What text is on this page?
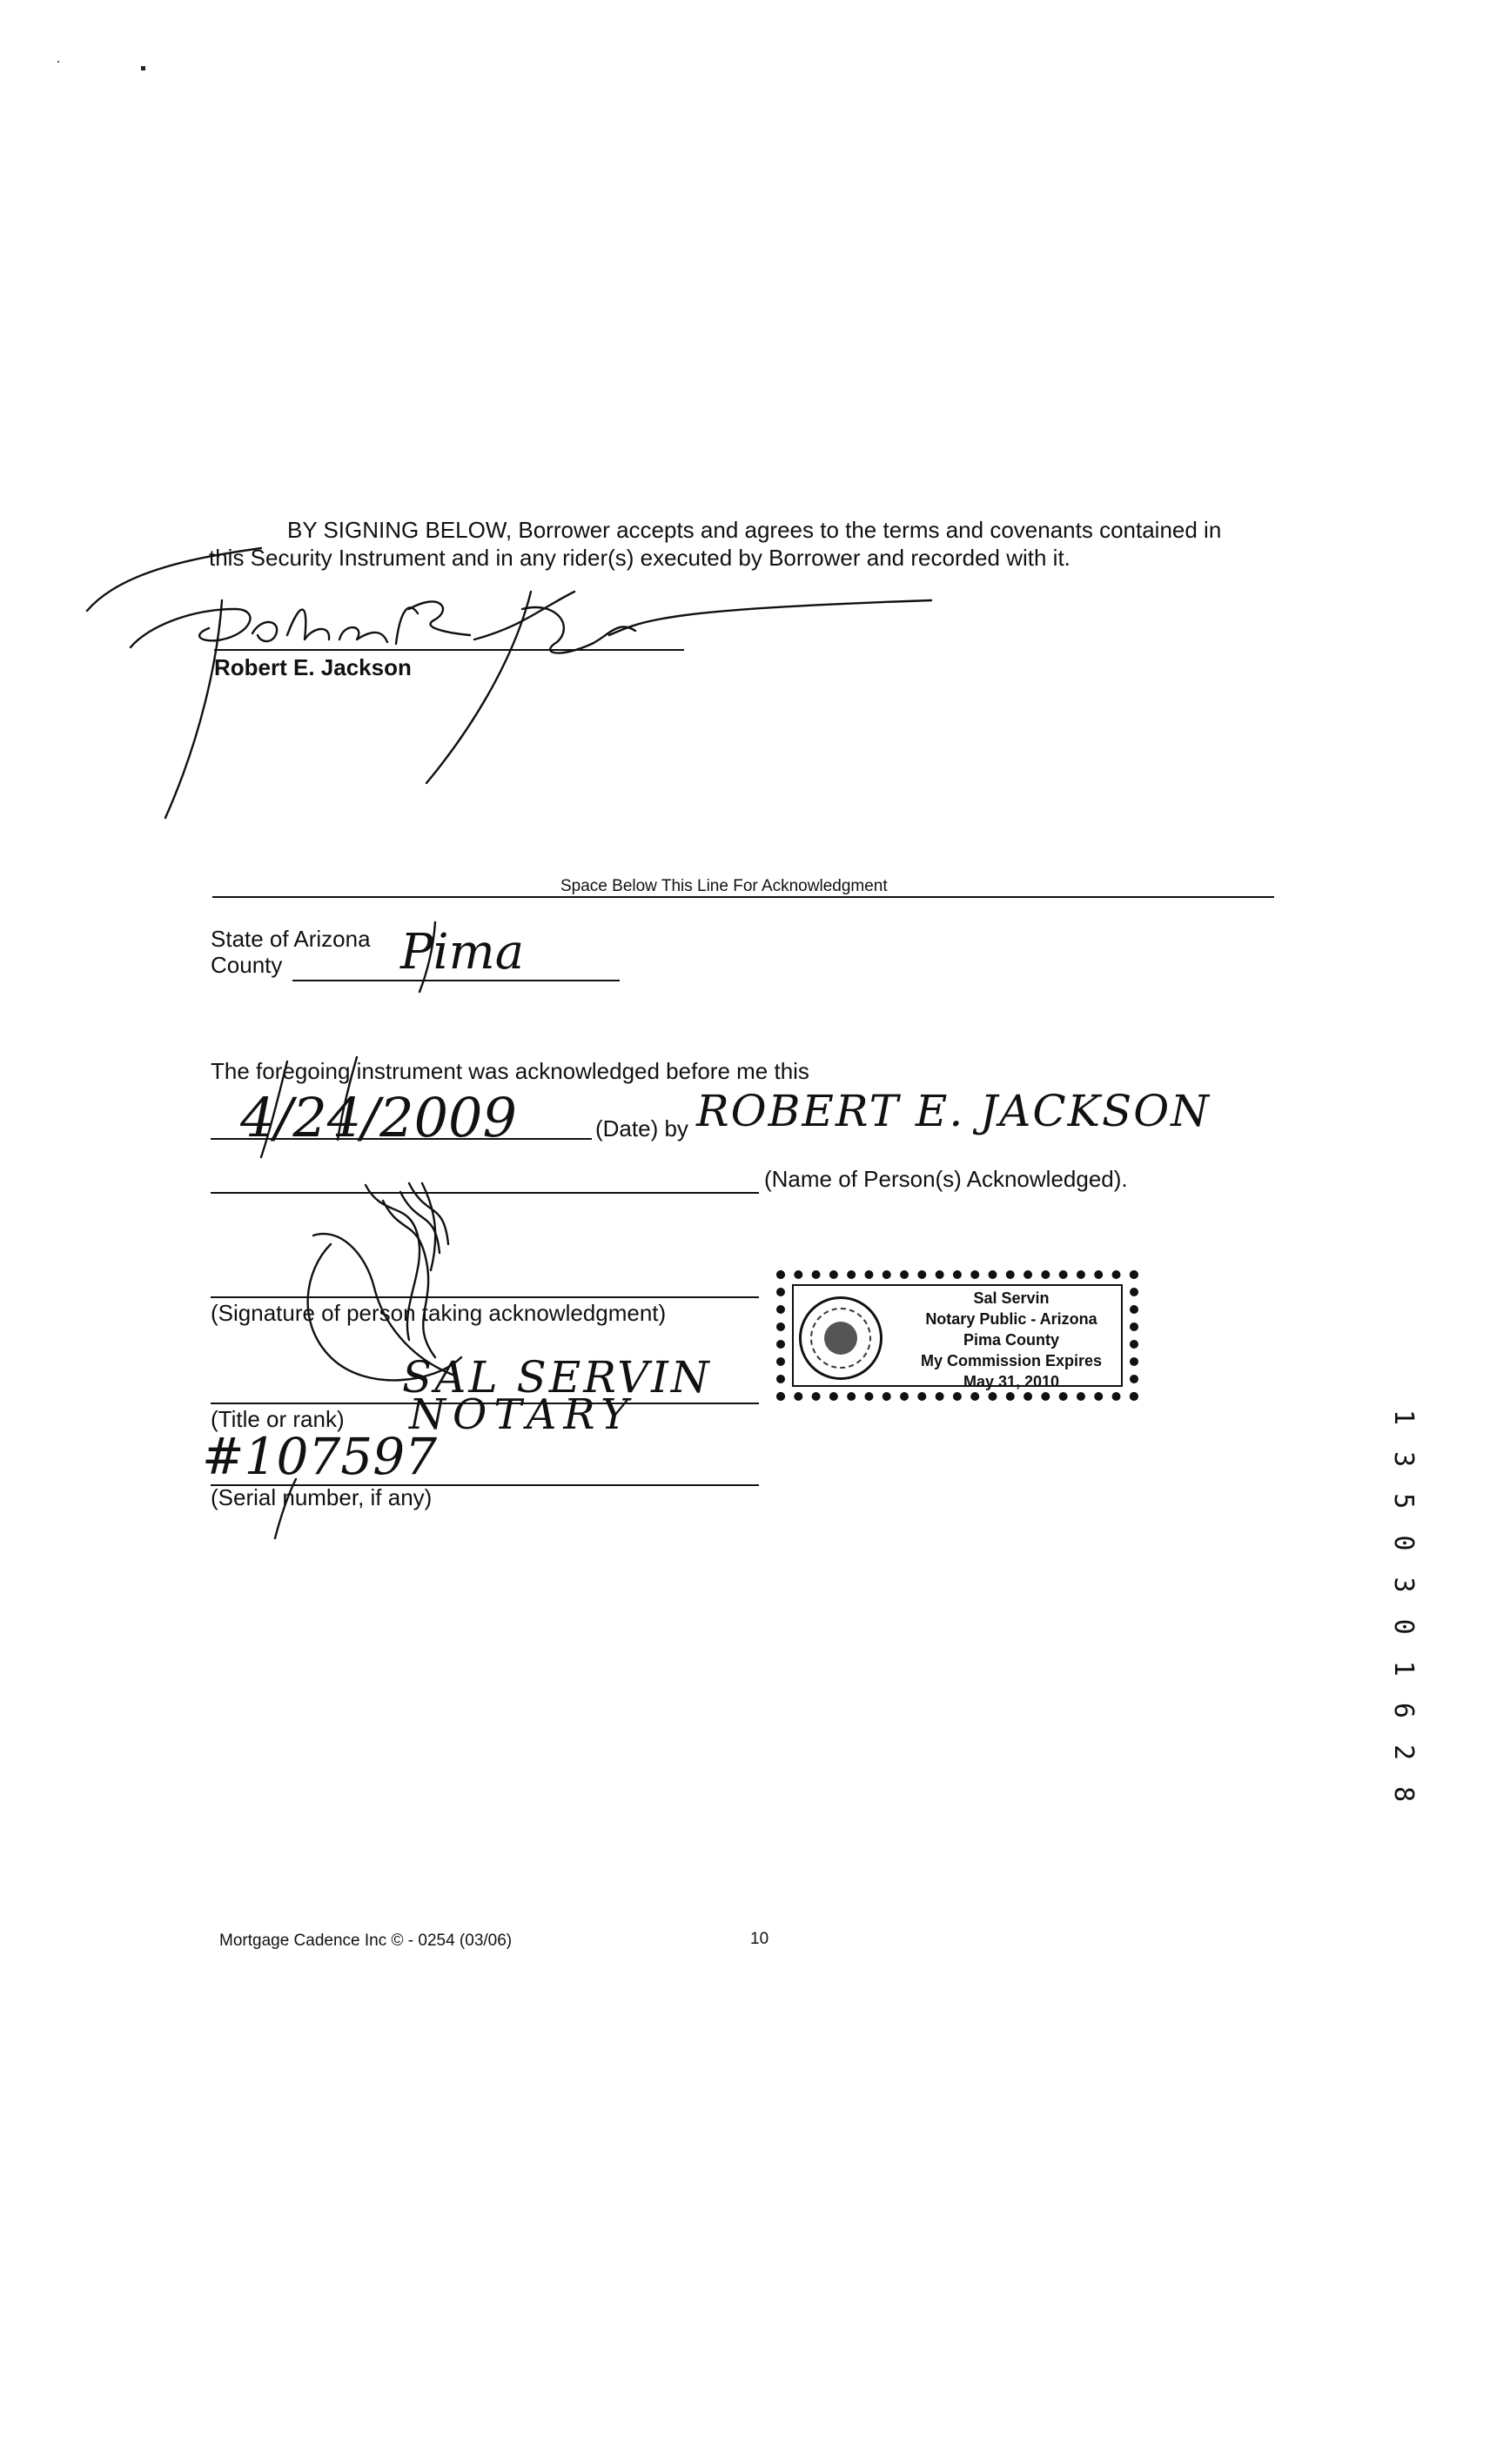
BY SIGNING BELOW, Borrower accepts and agrees to the terms and covenants contained in
this Security Instrument and in any rider(s) executed by Borrower and recorded with it.
Robert E. Jackson
Space Below This Line For Acknowledgment
State of Arizona
County Pima
The foregoing instrument was acknowledged before me this
4/24/2009	(Date) by ROBERT E. JACKSON
(Name of Person(s) Acknowledged).
(Signature of person taking acknowledgment)
SAL SERVIN
(Title or rank) NOTARY
#107597
(Serial number, if any)
Sal Servin
Notary Public - Arizona
Pima County
My Commission Expires
May 31, 2010
1 3 5 0 3 0 1 6 2 8
Mortgage Cadence Inc © - 0254 (03/06)	10
